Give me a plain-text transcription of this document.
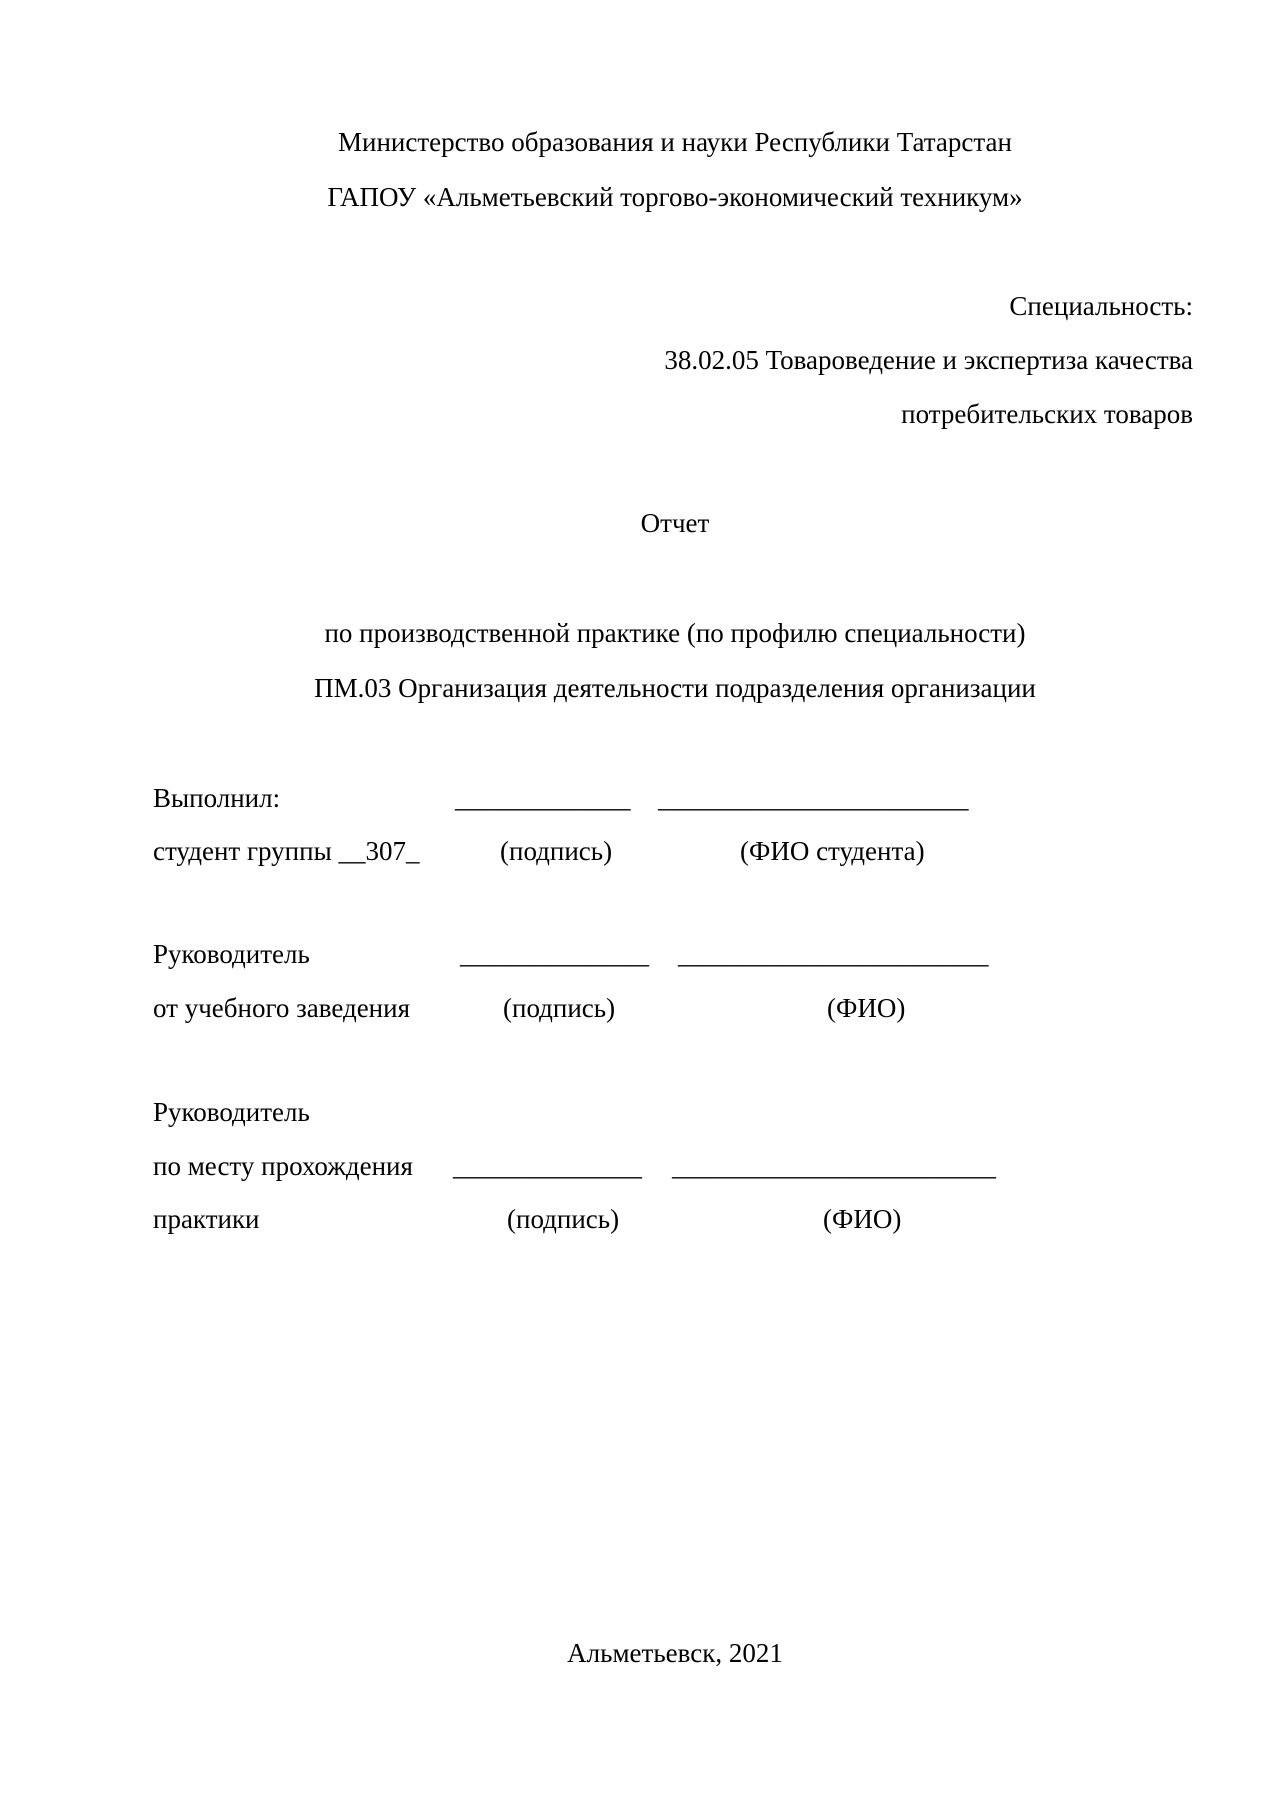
Министерство образования и науки Республики Татарстан
ГАПОУ «Альметьевский торгово-экономический техникум»
Специальность:
38.02.05 Товароведение и экспертиза качества
потребительских товаров
Отчет
по производственной практике (по профилю специальности)
ПМ.03 Организация деятельности подразделения организации
Выполнил:	_____________ _______________________
студент группы __307_	(подпись)	(ФИО студента)
Руководитель	______________ _______________________
от учебного заведения	(подпись)	(ФИО)
Руководитель
по месту прохождения ______________ ________________________
практики	(подпись)	(ФИО)
Альметьевск, 2021
